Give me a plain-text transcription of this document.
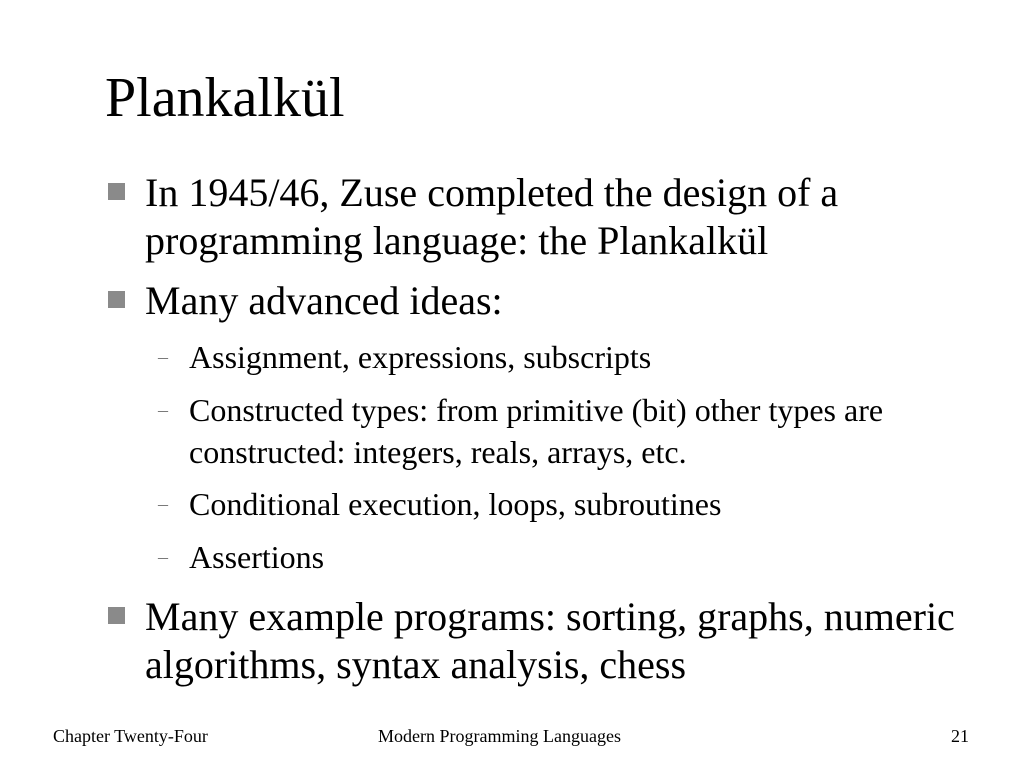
Plankalkül
In 1945/46, Zuse completed the design of a programming language: the Plankalkül
Many advanced ideas:
– Assignment, expressions, subscripts
– Constructed types: from primitive (bit) other types are constructed: integers, reals, arrays, etc.
– Conditional execution, loops, subroutines
– Assertions
Many example programs: sorting, graphs, numeric algorithms, syntax analysis, chess
Chapter Twenty-Four	Modern Programming Languages	21
